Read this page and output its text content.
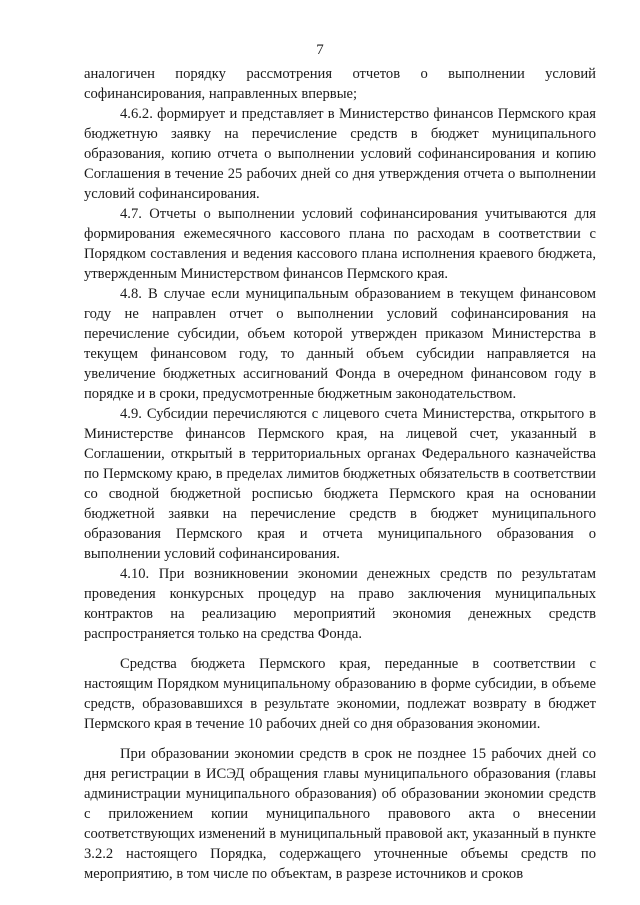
7

аналогичен порядку рассмотрения отчетов о выполнении условий софинансирования, направленных впервые;

4.6.2. формирует и представляет в Министерство финансов Пермского края бюджетную заявку на перечисление средств в бюджет муниципального образования, копию отчета о выполнении условий софинансирования и копию Соглашения в течение 25 рабочих дней со дня утверждения отчета о выполнении условий софинансирования.

4.7. Отчеты о выполнении условий софинансирования учитываются для формирования ежемесячного кассового плана по расходам в соответствии с Порядком составления и ведения кассового плана исполнения краевого бюджета, утвержденным Министерством финансов Пермского края.

4.8. В случае если муниципальным образованием в текущем финансовом году не направлен отчет о выполнении условий софинансирования на перечисление субсидии, объем которой утвержден приказом Министерства в текущем финансовом году, то данный объем субсидии направляется на увеличение бюджетных ассигнований Фонда в очередном финансовом году в порядке и в сроки, предусмотренные бюджетным законодательством.

4.9. Субсидии перечисляются с лицевого счета Министерства, открытого в Министерстве финансов Пермского края, на лицевой счет, указанный в Соглашении, открытый в территориальных органах Федерального казначейства по Пермскому краю, в пределах лимитов бюджетных обязательств в соответствии со сводной бюджетной росписью бюджета Пермского края на основании бюджетной заявки на перечисление средств в бюджет муниципального образования Пермского края и отчета муниципального образования о выполнении условий софинансирования.

4.10. При возникновении экономии денежных средств по результатам проведения конкурсных процедур на право заключения муниципальных контрактов на реализацию мероприятий экономия денежных средств распространяется только на средства Фонда.

Средства бюджета Пермского края, переданные в соответствии с настоящим Порядком муниципальному образованию в форме субсидии, в объеме средств, образовавшихся в результате экономии, подлежат возврату в бюджет Пермского края в течение 10 рабочих дней со дня образования экономии.

При образовании экономии средств в срок не позднее 15 рабочих дней со дня регистрации в ИСЭД обращения главы муниципального образования (главы администрации муниципального образования) об образовании экономии средств с приложением копии муниципального правового акта о внесении соответствующих изменений в муниципальный правовой акт, указанный в пункте 3.2.2 настоящего Порядка, содержащего уточненные объемы средств по мероприятию, в том числе по объектам, в разрезе источников и сроков
